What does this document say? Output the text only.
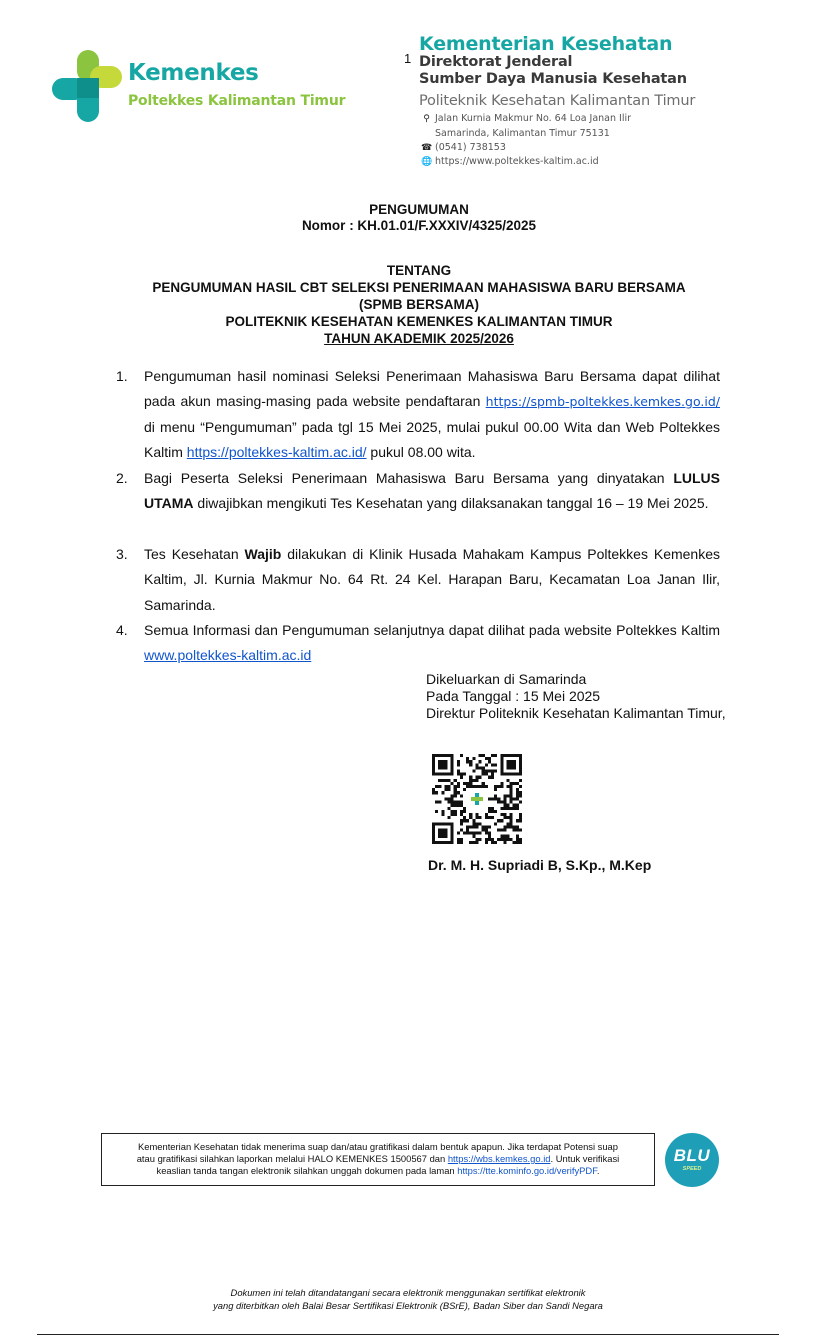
Kemenkes
Poltekkes Kalimantan Timur
1
Kementerian Kesehatan
Direktorat Jenderal
Sumber Daya Manusia Kesehatan
Politeknik Kesehatan Kalimantan Timur
⚲ Jalan Kurnia Makmur No. 64 Loa Janan Ilir
Samarinda, Kalimantan Timur 75131
☎ (0541) 738153
🌐 https://www.poltekkes-kaltim.ac.id
PENGUMUMAN
Nomor : KH.01.01/F.XXXIV/4325/2025
TENTANG
PENGUMUMAN HASIL CBT SELEKSI PENERIMAAN MAHASISWA BARU BERSAMA
(SPMB BERSAMA)
POLITEKNIK KESEHATAN KEMENKES KALIMANTAN TIMUR
TAHUN AKADEMIK 2025/2026
1.	Pengumuman hasil nominasi Seleksi Penerimaan Mahasiswa Baru Bersama dapat dilihat pada akun masing-masing pada website pendaftaran https://spmb-poltekkes.kemkes.go.id/ di menu “Pengumuman” pada tgl 15 Mei 2025, mulai pukul 00.00 Wita dan Web Poltekkes Kaltim https://poltekkes-kaltim.ac.id/ pukul 08.00 wita.
2.	Bagi Peserta Seleksi Penerimaan Mahasiswa Baru Bersama yang dinyatakan LULUS UTAMA diwajibkan mengikuti Tes Kesehatan yang dilaksanakan tanggal 16 – 19 Mei 2025.
3.	Tes Kesehatan Wajib dilakukan di Klinik Husada Mahakam Kampus Poltekkes Kemenkes Kaltim, Jl. Kurnia Makmur No. 64 Rt. 24 Kel. Harapan Baru, Kecamatan Loa Janan Ilir, Samarinda.
4.	Semua Informasi dan Pengumuman selanjutnya dapat dilihat pada website Poltekkes Kaltim www.poltekkes-kaltim.ac.id
Dikeluarkan di Samarinda
Pada Tanggal : 15 Mei 2025
Direktur Politeknik Kesehatan Kalimantan Timur,
Dr. M. H. Supriadi B, S.Kp., M.Kep
Kementerian Kesehatan tidak menerima suap dan/atau gratifikasi dalam bentuk apapun. Jika terdapat Potensi suap
atau gratifikasi silahkan laporkan melalui HALO KEMENKES 1500567 dan https://wbs.kemkes.go.id. Untuk verifikasi
keaslian tanda tangan elektronik silahkan unggah dokumen pada laman https://tte.kominfo.go.id/verifyPDF.
BLU
SPEED
Dokumen ini telah ditandatangani secara elektronik menggunakan sertifikat elektronik
yang diterbitkan oleh Balai Besar Sertifikasi Elektronik (BSrE), Badan Siber dan Sandi Negara
